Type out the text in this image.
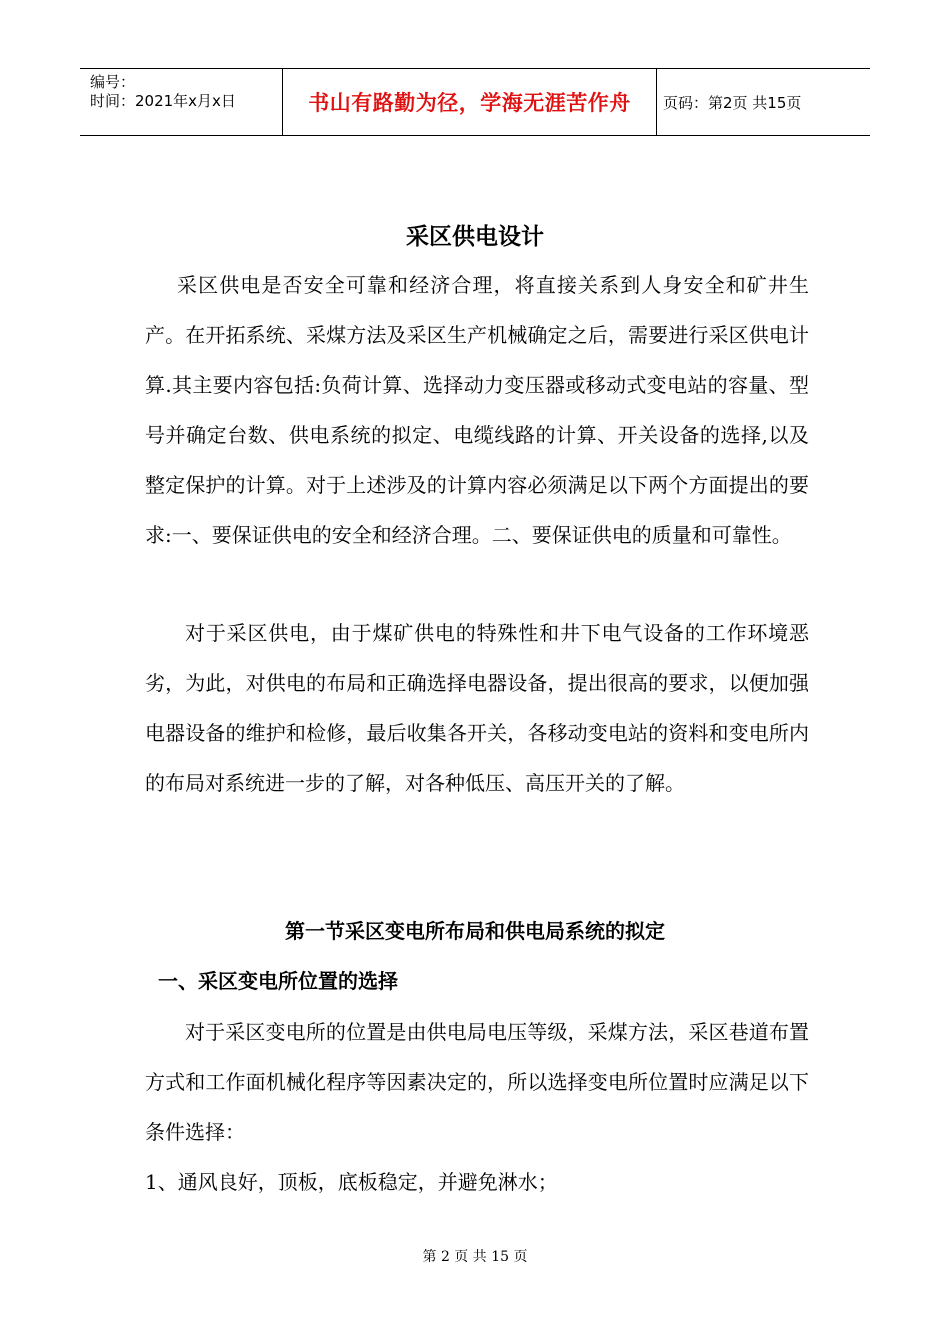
编号：
时间：2021年x月x日	书山有路勤为径，学海无涯苦作舟	页码：第2页 共15页
采区供电设计

采区供电是否安全可靠和经济合理，将直接关系到人身安全和矿井生产。在开拓系统、采煤方法及采区生产机械确定之后，需要进行采区供电计算.其主要内容包括:负荷计算、选择动力变压器或移动式变电站的容量、型号并确定台数、供电系统的拟定、电缆线路的计算、开关设备的选择,以及整定保护的计算。对于上述涉及的计算内容必须满足以下两个方面提出的要求:一、要保证供电的安全和经济合理。二、要保证供电的质量和可靠性。

对于采区供电，由于煤矿供电的特殊性和井下电气设备的工作环境恶劣，为此，对供电的布局和正确选择电器设备，提出很高的要求，以便加强电器设备的维护和检修，最后收集各开关，各移动变电站的资料和变电所内的布局对系统进一步的了解，对各种低压、高压开关的了解。

第一节采区变电所布局和供电局系统的拟定
一、采区变电所位置的选择

对于采区变电所的位置是由供电局电压等级，采煤方法，采区巷道布置方式和工作面机械化程序等因素决定的，所以选择变电所位置时应满足以下条件选择：

1、通风良好，顶板，底板稳定，并避免淋水；

第 2 页 共 15 页
